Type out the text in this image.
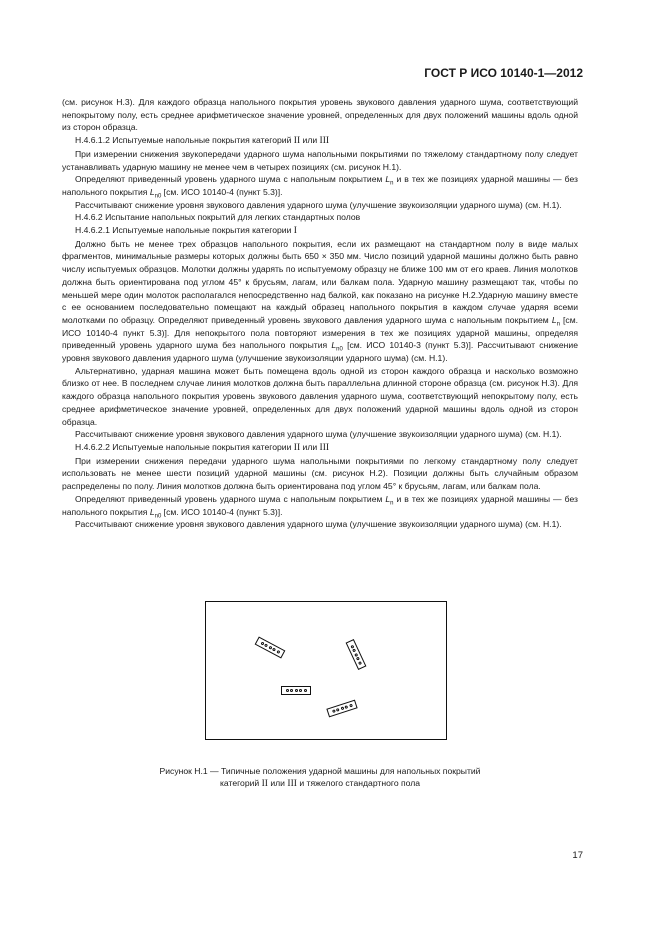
ГОСТ Р ИСО 10140-1—2012

(см. рисунок Н.3). Для каждого образца напольного покрытия уровень звукового давления ударного шума, соответствующий непокрытому полу, есть среднее арифметическое значение уровней, определенных для двух положений машины вдоль одной из сторон образца.

Н.4.6.1.2 Испытуемые напольные покрытия категорий II или III

При измерении снижения звукопередачи ударного шума напольными покрытиями по тяжелому стандартному полу следует устанавливать ударную машину не менее чем в четырех позициях (см. рисунок Н.1).

Определяют приведенный уровень ударного шума с напольным покрытием $L_n$ и в тех же позициях ударной машины — без напольного покрытия $L_{n0}$ [см. ИСО 10140-4 (пункт 5.3)].

Рассчитывают снижение уровня звукового давления ударного шума (улучшение звукоизоляции ударного шума) (см. Н.1).

Н.4.6.2 Испытание напольных покрытий для легких стандартных полов

Н.4.6.2.1 Испытуемые напольные покрытия категории I

Должно быть не менее трех образцов напольного покрытия, если их размещают на стандартном полу в виде малых фрагментов, минимальные размеры которых должны быть 650 × 350 мм. Число позиций ударной машины должно быть равно числу испытуемых образцов. Молотки должны ударять по испытуемому образцу не ближе 100 мм от его краев. Линия молотков должна быть ориентирована под углом 45° к брусьям, лагам, или балкам пола. Ударную машину размещают так, чтобы по меньшей мере один молоток располагался непосредственно над балкой, как показано на рисунке Н.2.Ударную машину вместе с ее основанием последовательно помещают на каждый образец напольного покрытия в каждом случае ударяя всеми молотками по образцу. Определяют приведенный уровень звукового давления ударного шума с напольным покрытием $L_n$ [см. ИСО 10140-4 пункт 5.3)]. Для непокрытого пола повторяют измерения в тех же позициях ударной машины, определяя приведенный уровень ударного шума без напольного покрытия $L_{n0}$ [см. ИСО 10140-3 (пункт 5.3)]. Рассчитывают снижение уровня звукового давления ударного шума (улучшение звукоизоляции ударного шума) (см. Н.1).

Альтернативно, ударная машина может быть помещена вдоль одной из сторон каждого образца и насколько возможно близко от нее. В последнем случае линия молотков должна быть параллельна длинной стороне образца (см. рисунок Н.3). Для каждого образца напольного покрытия уровень звукового давления ударного шума, соответствующий непокрытому полу, есть среднее арифметическое значение уровней, определенных для двух положений ударной машины вдоль одной из сторон образца.

Рассчитывают снижение уровня звукового давления ударного шума (улучшение звукоизоляции ударного шума) (см. Н.1).

Н.4.6.2.2 Испытуемые напольные покрытия категории II или III

При измерении снижения передачи ударного шума напольными покрытиями по легкому стандартному полу следует использовать не менее шести позиций ударной машины (см. рисунок Н.2). Позиции должны быть случайным образом распределены по полу. Линия молотков должна быть ориентирована под углом 45° к брусьям, лагам, или балкам пола.

Определяют приведенный уровень ударного шума с напольным покрытием $L_n$ и в тех же позициях ударной машины — без напольного покрытия $L_{n0}$ [см. ИСО 10140-4 (пункт 5.3)].

Рассчитывают снижение уровня звукового давления ударного шума (улучшение звукоизоляции ударного шума) (см. Н.1).

Рисунок Н.1 — Типичные положения ударной машины для напольных покрытий
категорий II или III и тяжелого стандартного пола
17
